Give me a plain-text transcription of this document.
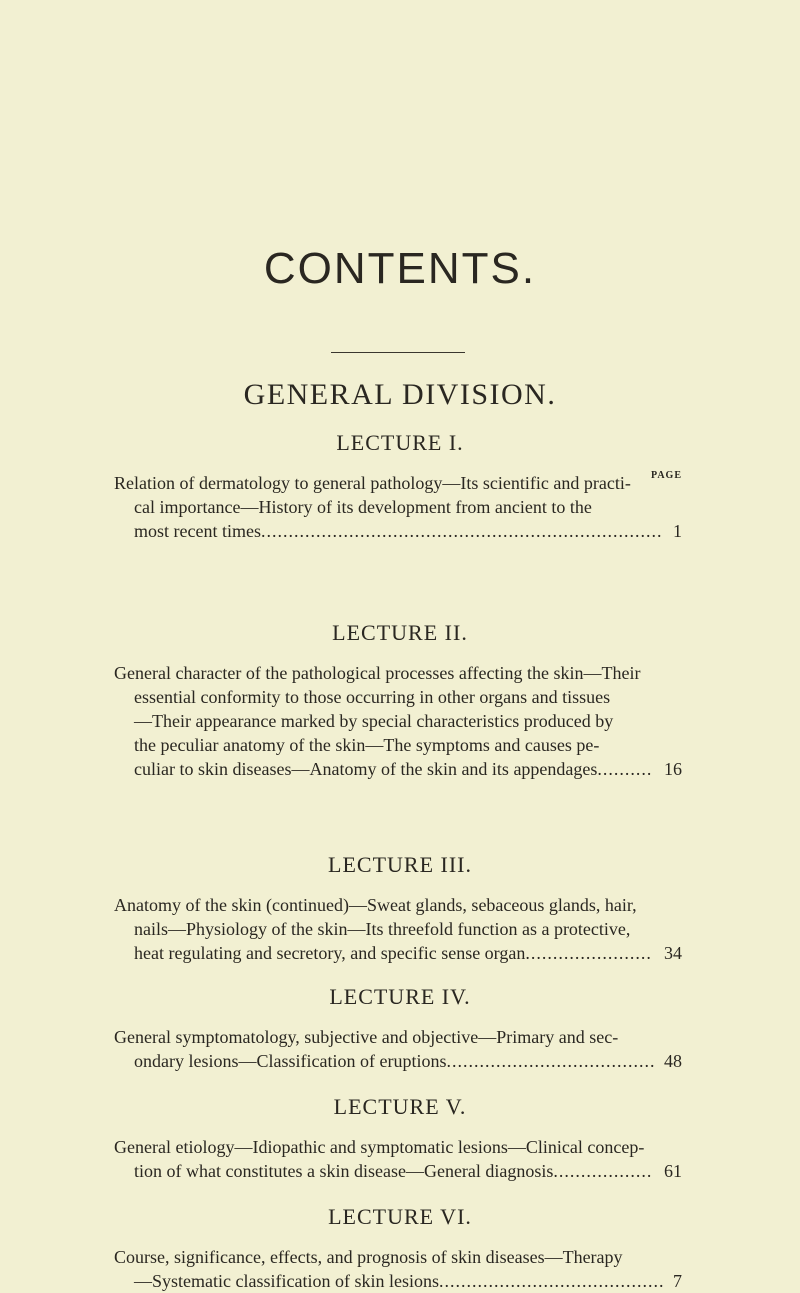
CONTENTS.
GENERAL DIVISION.
PAGE
LECTURE I.
Relation of dermatology to general pathology—Its scientific and practi-
cal importance—History of its development from ancient to the
most recent times......................................................................... 1
LECTURE II.
General character of the pathological processes affecting the skin—Their
essential conformity to those occurring in other organs and tissues
—Their appearance marked by special characteristics produced by
the peculiar anatomy of the skin—The symptoms and causes pe-
culiar to skin diseases—Anatomy of the skin and its appendages.......... 16
LECTURE III.
Anatomy of the skin (continued)—Sweat glands, sebaceous glands, hair,
nails—Physiology of the skin—Its threefold function as a protective,
heat regulating and secretory, and specific sense organ....................... 34
LECTURE IV.
General symptomatology, subjective and objective—Primary and sec-
ondary lesions—Classification of eruptions...................................... 48
LECTURE V.
General etiology—Idiopathic and symptomatic lesions—Clinical concep-
tion of what constitutes a skin disease—General diagnosis.................. 61
LECTURE VI.
Course, significance, effects, and prognosis of skin diseases—Therapy
—Systematic classification of skin lesions......................................... 7
